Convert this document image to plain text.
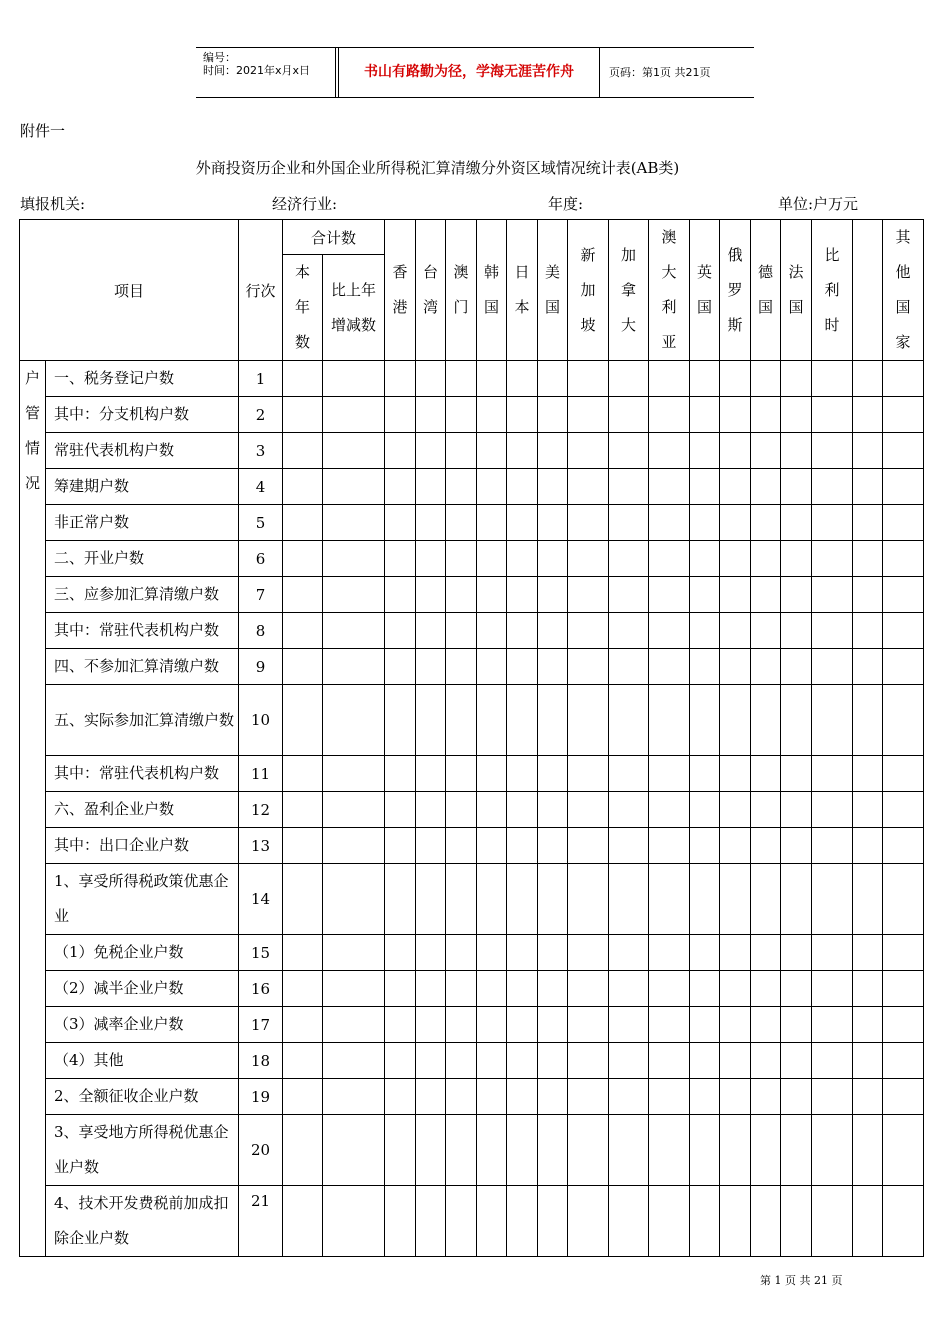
编号：
时间：2021年x月x日	书山有路勤为径，学海无涯苦作舟	页码：第1页 共21页
附件一
外商投资历企业和外国企业所得税汇算清缴分外资区域情况统计表(AB类)
填报机关:	经济行业:	年度:	单位:户万元
项目		行次	合计数		香港	台湾	澳门	韩国	日本	美国	新加坡	加拿大	澳大利亚	英国	俄罗斯	德国	法国	比利时		其他国家

			本年数	比上年增减数																

户管情况	一、税务登记户数	1																		
	其中：分支机构户数	2																		
	常驻代表机构户数	3																		
	筹建期户数	4																		
	非正常户数	5																		
	二、开业户数	6																		
	三、应参加汇算清缴户数	7																		
	其中：常驻代表机构户数	8																		
	四、不参加汇算清缴户数	9																		
	五、实际参加汇算清缴户数	10																		
	其中：常驻代表机构户数	11																		
	六、盈利企业户数	12																		
	其中：出口企业户数	13																		
	1、享受所得税政策优惠企业	14																		
	（1）免税企业户数	15																		
	（2）减半企业户数	16																		
	（3）减率企业户数	17																		
	（4）其他	18																		
	2、全额征收企业户数	19																		
	3、享受地方所得税优惠企业户数	20																		
	4、技术开发费税前加成扣除企业户数	21																		
第 1 页 共 21 页
